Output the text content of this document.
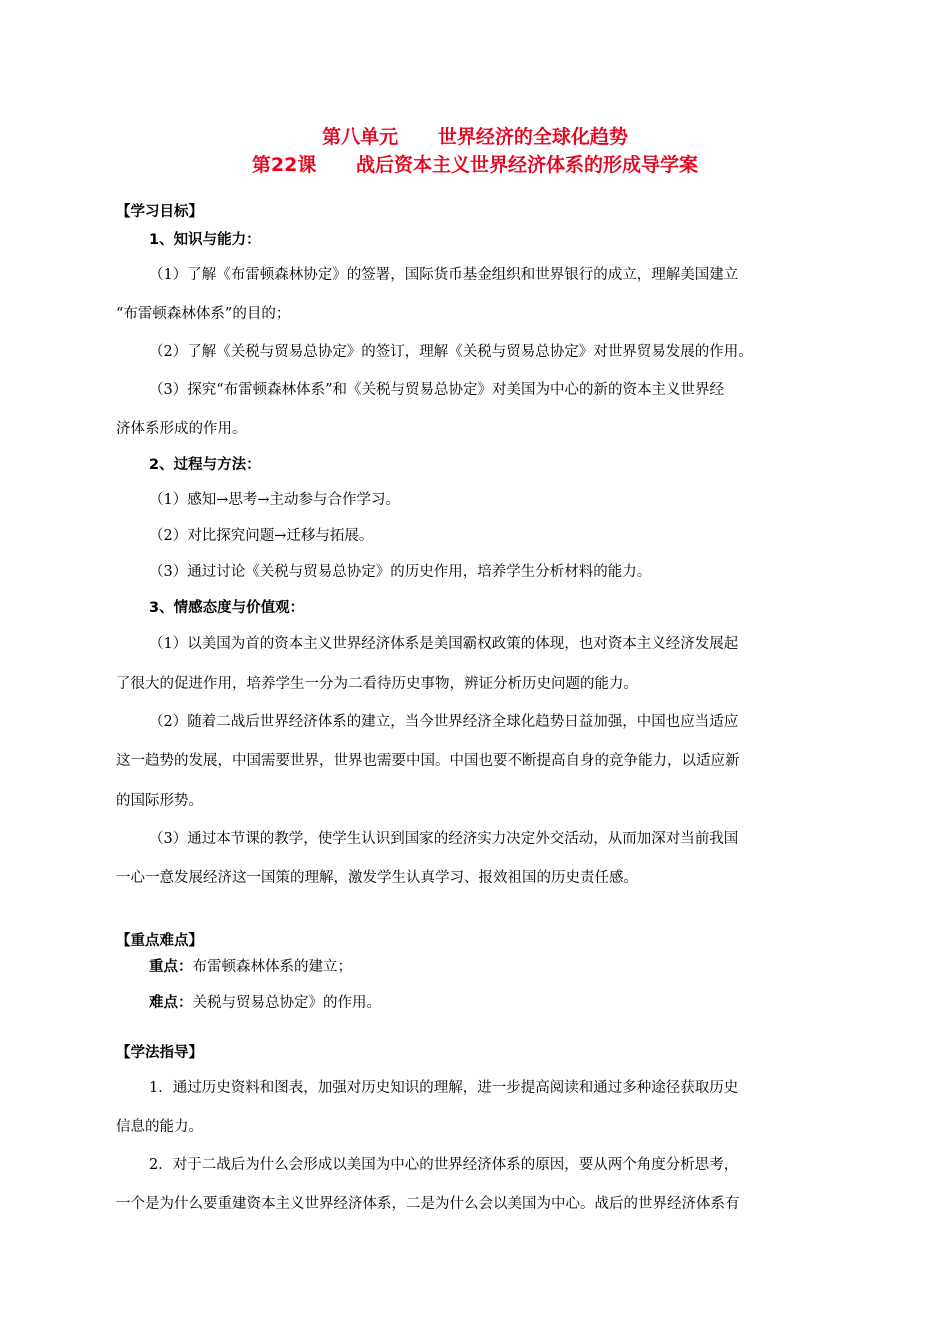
第八单元      世界经济的全球化趋势
第22课      战后资本主义世界经济体系的形成导学案
【学习目标】
1、知识与能力：
（1）了解《布雷顿森林协定》的签署，国际货币基金组织和世界银行的成立，理解美国建立
“布雷顿森林体系”的目的；
（2）了解《关税与贸易总协定》的签订，理解《关税与贸易总协定》对世界贸易发展的作用。
（3）探究“布雷顿森林体系”和《关税与贸易总协定》对美国为中心的新的资本主义世界经
济体系形成的作用。
2、过程与方法：
（1）感知→思考→主动参与合作学习。
（2）对比探究问题→迁移与拓展。
（3）通过讨论《关税与贸易总协定》的历史作用，培养学生分析材料的能力。
3、情感态度与价值观：
（1）以美国为首的资本主义世界经济体系是美国霸权政策的体现，也对资本主义经济发展起
了很大的促进作用，培养学生一分为二看待历史事物，辨证分析历史问题的能力。
（2）随着二战后世界经济体系的建立，当今世界经济全球化趋势日益加强，中国也应当适应
这一趋势的发展，中国需要世界，世界也需要中国。中国也要不断提高自身的竞争能力，以适应新
的国际形势。
（3）通过本节课的教学，使学生认识到国家的经济实力决定外交活动，从而加深对当前我国
一心一意发展经济这一国策的理解，激发学生认真学习、报效祖国的历史责任感。
【重点难点】
重点：布雷顿森林体系的建立；
难点：关税与贸易总协定》的作用。
【学法指导】
1．通过历史资料和图表，加强对历史知识的理解，进一步提高阅读和通过多种途径获取历史
信息的能力。
2．对于二战后为什么会形成以美国为中心的世界经济体系的原因，要从两个角度分析思考，
一个是为什么要重建资本主义世界经济体系，二是为什么会以美国为中心。战后的世界经济体系有
